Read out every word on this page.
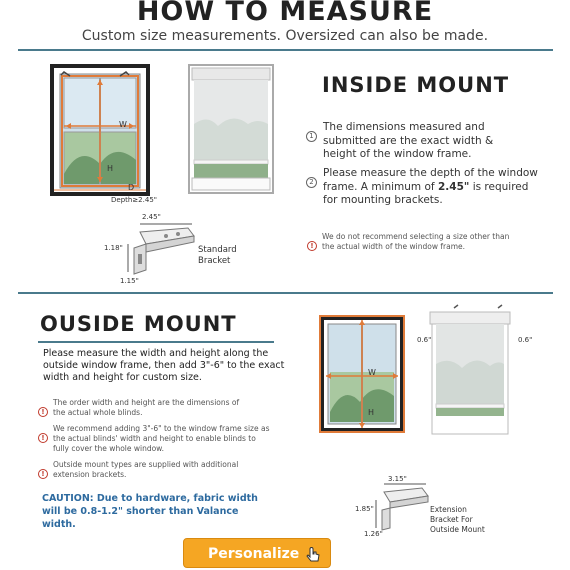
HOW TO MEASURE
Custom size measurements. Oversized can also be made.
W
H
D
Depth≥2.45"
2.45"
1.18"
1.15"
Standard
Bracket
INSIDE MOUNT
1
The dimensions measured and submitted are the exact width & height of the window frame.
2
Please measure the depth of the window frame. A minimum of 2.45" is required for mounting brackets.
!
We do not recommend selecting a size other than the actual width of the window frame.
OUSIDE MOUNT
Please measure the width and height along the outside window frame, then add 3"-6" to the exact width and height for custom size.
!
The order width and height are the dimensions of the actual whole blinds.
!
We recommend adding 3"-6" to the window frame size as the actual blinds' width and height to enable blinds to fully cover the whole window.
!
Outside mount types are supplied with additional extension brackets.
CAUTION: Due to hardware, fabric width will be 0.8-1.2" shorter than Valance width.
W
H
0.6"	0.6"
3.15"
1.85"
1.26"
Extension
Bracket For
Outside Mount
Personalize
